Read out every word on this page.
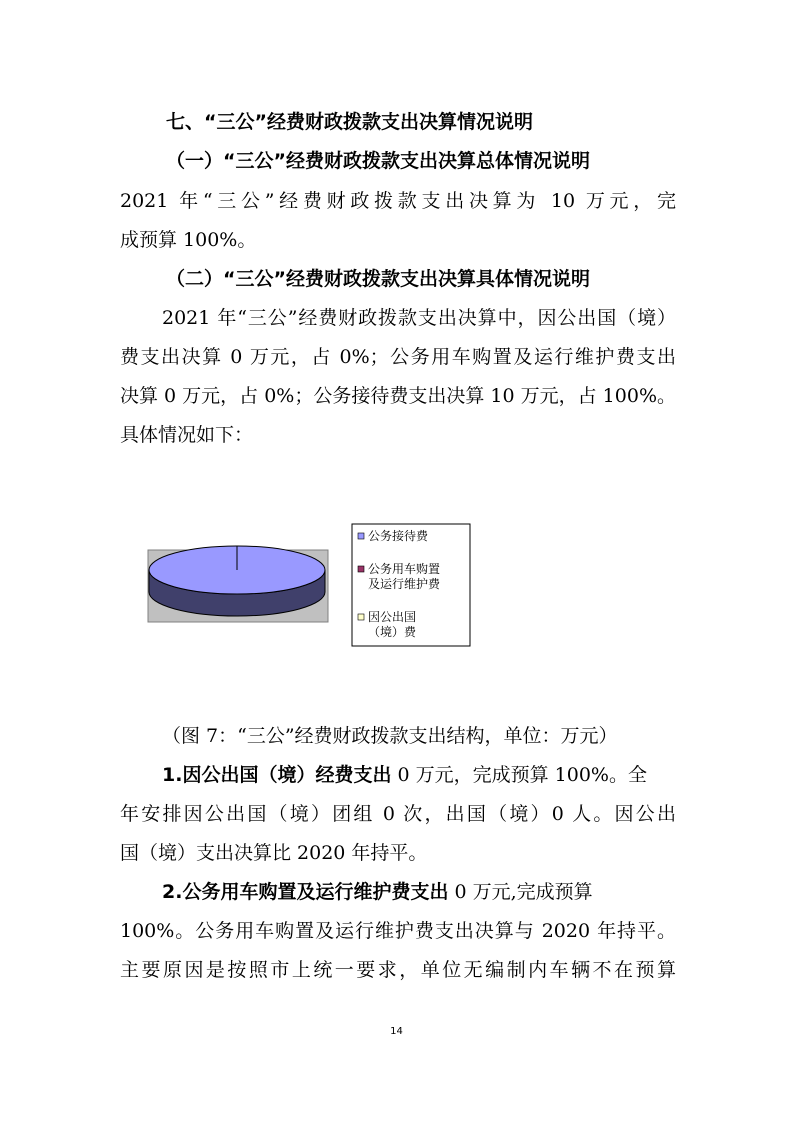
七、“三公”经费财政拨款支出决算情况说明
（一）“三公”经费财政拨款支出决算总体情况说明
2021 年“三公”经费财政拨款支出决算为 10 万元，完
成预算 100%。
（二）“三公”经费财政拨款支出决算具体情况说明
2021 年“三公”经费财政拨款支出决算中，因公出国（境）
费支出决算 0 万元，占 0%；公务用车购置及运行维护费支出
决算 0 万元，占 0%；公务接待费支出决算 10 万元，占 100%。
具体情况如下：
公务接待费
公务用车购置
及运行维护费
因公出国
（境）费
（图 7：“三公”经费财政拨款支出结构，单位：万元）
1.因公出国（境）经费支出 0 万元，完成预算 100%。全
年安排因公出国（境）团组 0 次，出国（境）0 人。因公出
国（境）支出决算比 2020 年持平。
2.公务用车购置及运行维护费支出 0 万元,完成预算
100%。公务用车购置及运行维护费支出决算与 2020 年持平。
主要原因是按照市上统一要求，单位无编制内车辆不在预算
14
